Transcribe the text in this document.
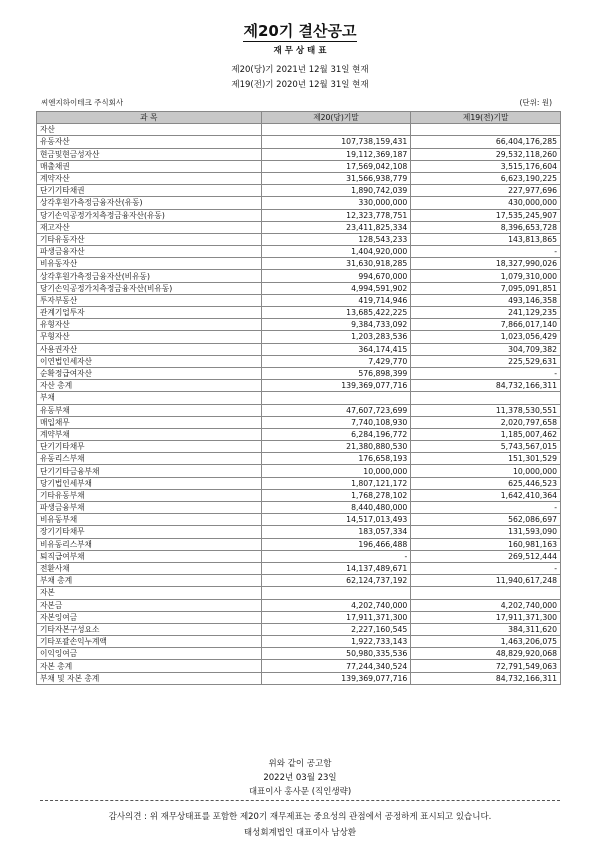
제20기 결산공고
재 무 상 태 표
제20(당)기 2021년 12월 31일 현재
제19(전)기 2020년 12월 31일 현재
씨엔지하이테크 주식회사	(단위: 원)
과 목	제20(당)기말	제19(전)기말
자산		
유동자산	107,738,159,431	66,404,176,285
현금및현금성자산	19,112,369,187	29,532,118,260
매출채권	17,569,042,108	3,515,176,604
계약자산	31,566,938,779	6,623,190,225
단기기타채권	1,890,742,039	227,977,696
상각후원가측정금융자산(유동)	330,000,000	430,000,000
당기손익공정가치측정금융자산(유동)	12,323,778,751	17,535,245,907
재고자산	23,411,825,334	8,396,653,728
기타유동자산	128,543,233	143,813,865
파생금융자산	1,404,920,000	-
비유동자산	31,630,918,285	18,327,990,026
상각후원가측정금융자산(비유동)	994,670,000	1,079,310,000
당기손익공정가치측정금융자산(비유동)	4,994,591,902	7,095,091,851
투자부동산	419,714,946	493,146,358
관계기업투자	13,685,422,225	241,129,235
유형자산	9,384,733,092	7,866,017,140
무형자산	1,203,283,536	1,023,056,429
사용권자산	364,174,415	304,709,382
이연법인세자산	7,429,770	225,529,631
순확정급여자산	576,898,399	-
자산 총계	139,369,077,716	84,732,166,311
부채		
유동부채	47,607,723,699	11,378,530,551
매입채무	7,740,108,930	2,020,797,658
계약부채	6,284,196,772	1,185,007,462
단기기타채무	21,380,880,530	5,743,567,015
유동리스부채	176,658,193	151,301,529
단기기타금융부채	10,000,000	10,000,000
당기법인세부채	1,807,121,172	625,446,523
기타유동부채	1,768,278,102	1,642,410,364
파생금융부채	8,440,480,000	-
비유동부채	14,517,013,493	562,086,697
장기기타채무	183,057,334	131,593,090
비유동리스부채	196,466,488	160,981,163
퇴직급여부채	-	269,512,444
전환사채	14,137,489,671	-
부채 총계	62,124,737,192	11,940,617,248
자본		
자본금	4,202,740,000	4,202,740,000
자본잉여금	17,911,371,300	17,911,371,300
기타자본구성요소	2,227,160,545	384,311,620
기타포괄손익누계액	1,922,733,143	1,463,206,075
이익잉여금	50,980,335,536	48,829,920,068
자본 총계	77,244,340,524	72,791,549,063
부채 및 자본 총계	139,369,077,716	84,732,166,311
위와 같이 공고함
2022년 03월 23일
대표이사 홍사문 (직인생략)
감사의견 : 위 재무상태표를 포함한 제20기 재무제표는 중요성의 관점에서 공정하게 표시되고 있습니다.
태성회계법인 대표이사 남상환
